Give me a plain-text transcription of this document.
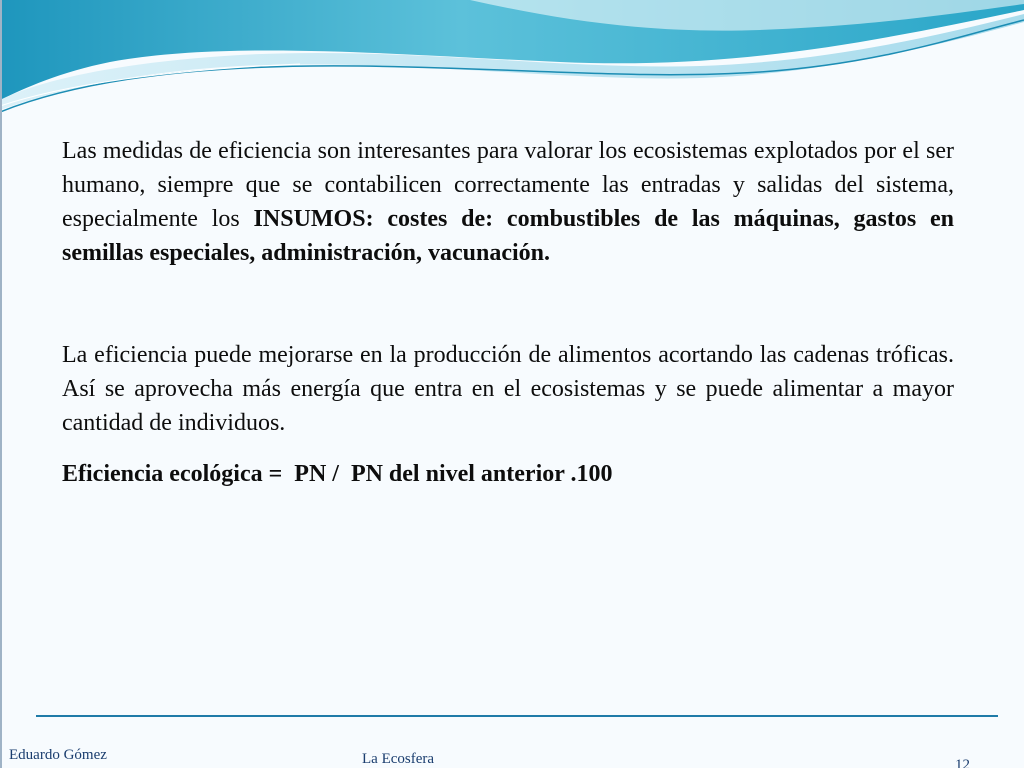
Las medidas de eficiencia son interesantes para valorar los ecosistemas explotados por el ser humano, siempre que se contabilicen correctamente las entradas y salidas del sistema, especialmente los INSUMOS: costes de: combustibles de las máquinas, gastos en semillas especiales, administración, vacunación.

La eficiencia puede mejorarse en la producción de alimentos acortando las cadenas tróficas. Así se aprovecha más energía que entra en el ecosistemas y se puede alimentar a mayor cantidad de individuos.

Eficiencia ecológica =  PN /  PN del nivel anterior .100

Eduardo Gómez	La Ecosfera	12
